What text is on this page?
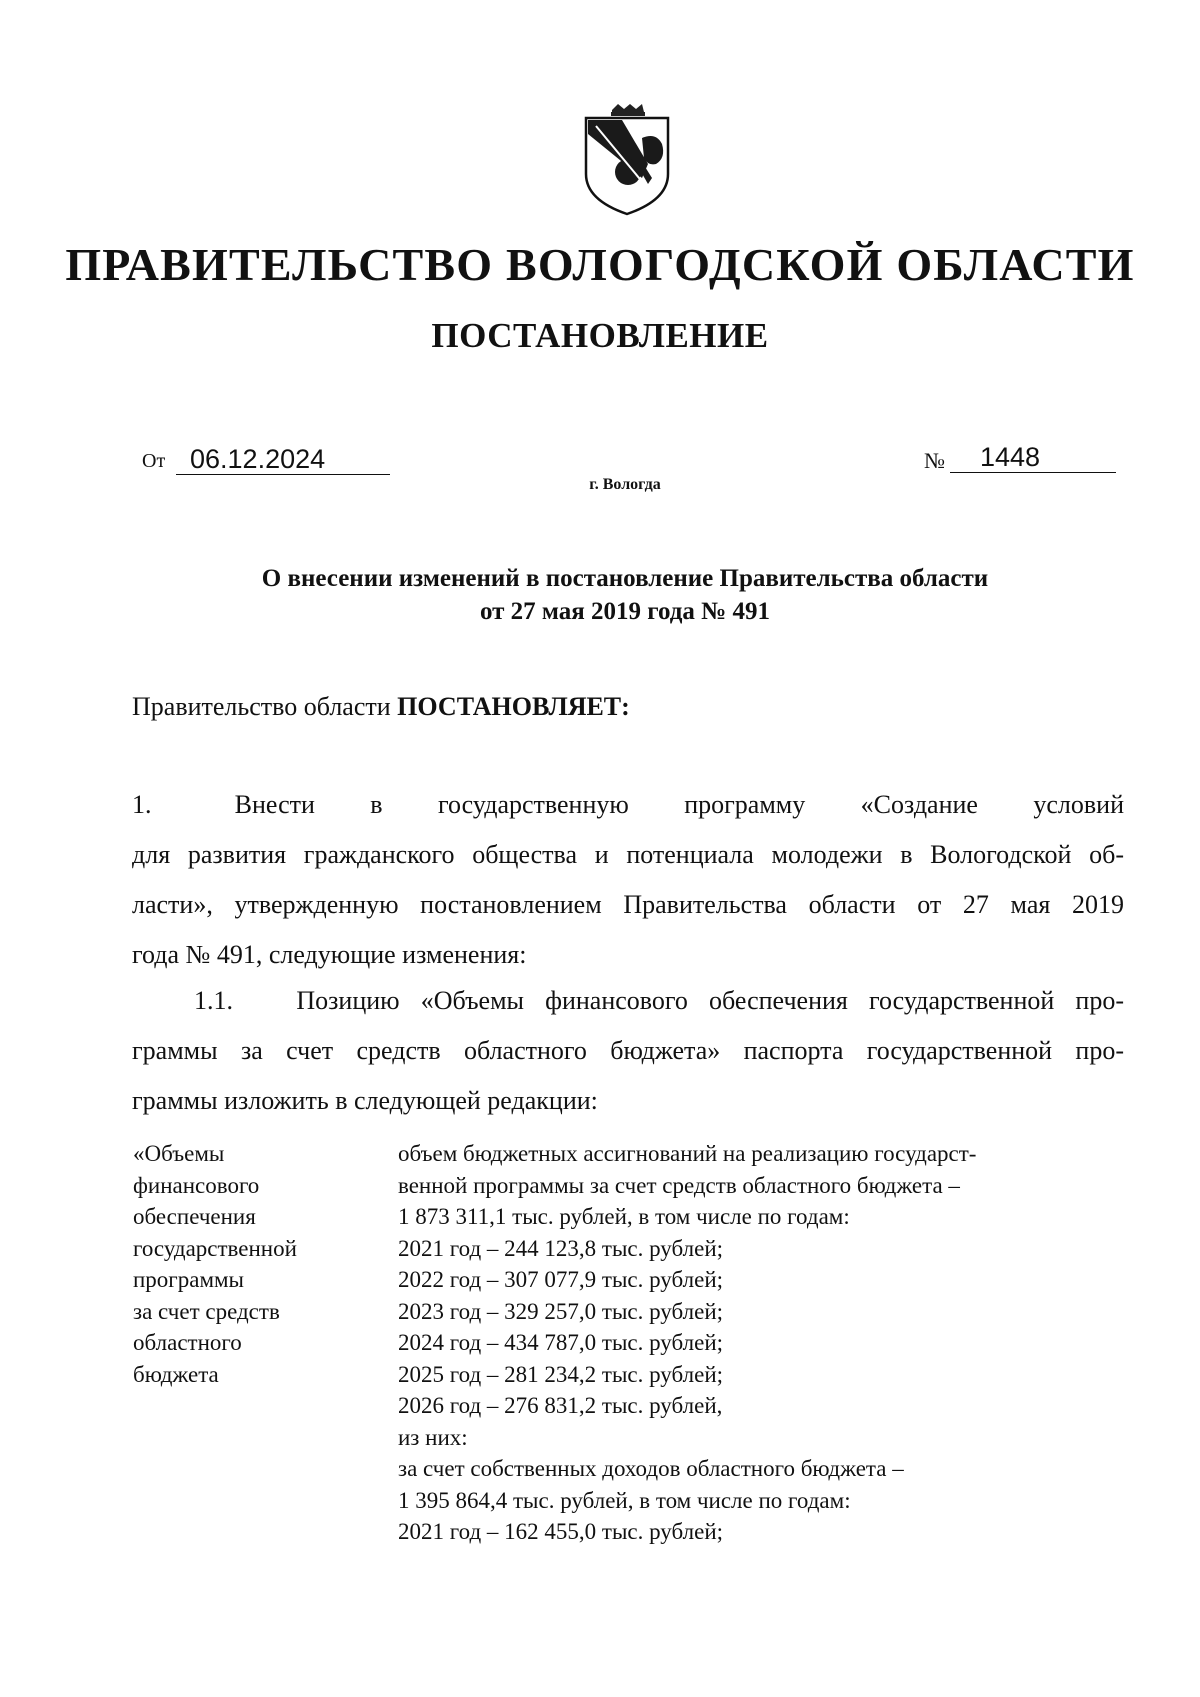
ПРАВИТЕЛЬСТВО ВОЛОГОДСКОЙ ОБЛАСТИ
ПОСТАНОВЛЕНИЕ
От 06.12.2024	№	1448
г. Вологда
О внесении изменений в постановление Правительства области
от 27 мая 2019 года № 491
Правительство области ПОСТАНОВЛЯЕТ:
1.      Внести    в    государственную    программу    «Создание    условий
для развития гражданского общества и потенциала молодежи в Вологодской об-
ласти», утвержденную постановлением Правительства области от 27 мая 2019
года № 491, следующие изменения:
1.1.   Позицию «Объемы финансового обеспечения государственной про-
граммы за счет средств областного бюджета» паспорта государственной про-
граммы изложить в следующей редакции:
«Объемы
финансового
обеспечения
государственной
программы
за счет средств
областного
бюджета
объем бюджетных ассигнований на реализацию государст-
венной программы за счет средств областного бюджета –
1 873 311,1 тыс. рублей, в том числе по годам:
2021 год – 244 123,8 тыс. рублей;
2022 год – 307 077,9 тыс. рублей;
2023 год – 329 257,0 тыс. рублей;
2024 год – 434 787,0 тыс. рублей;
2025 год – 281 234,2 тыс. рублей;
2026 год – 276 831,2 тыс. рублей,
из них:
за счет собственных доходов областного бюджета –
1 395 864,4 тыс. рублей, в том числе по годам:
2021 год – 162 455,0 тыс. рублей;
